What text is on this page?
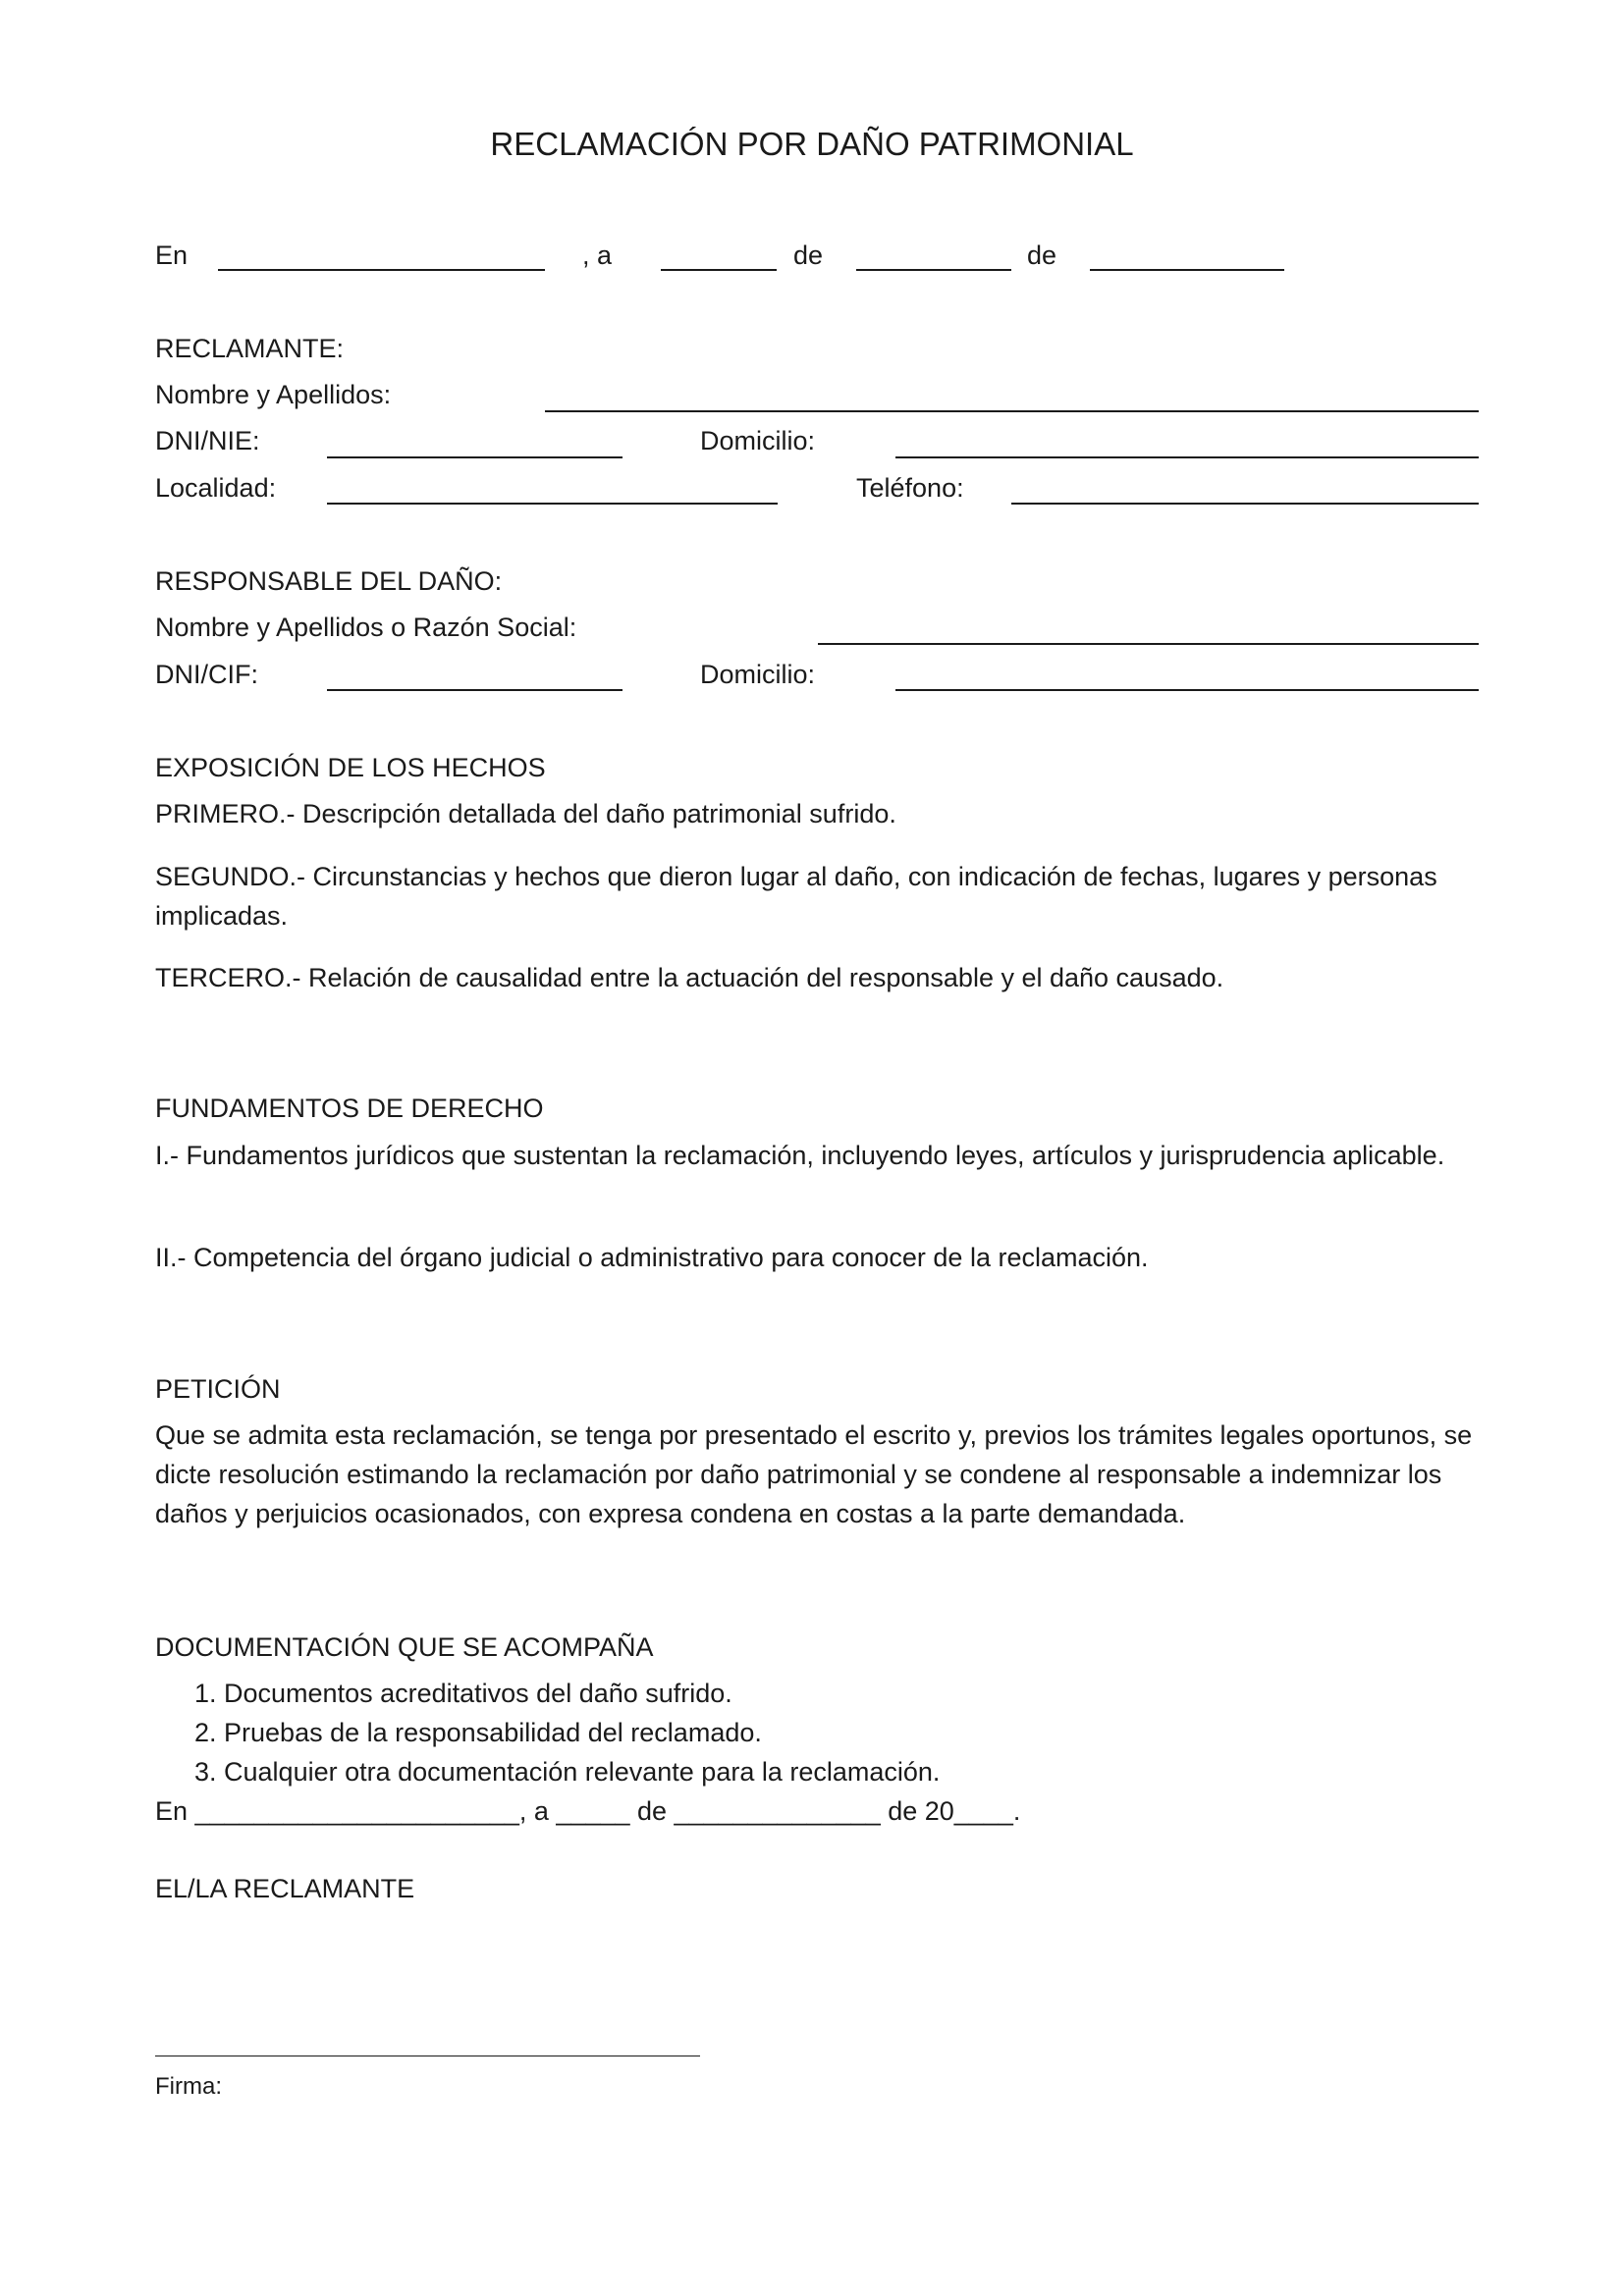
RECLAMACIÓN POR DAÑO PATRIMONIAL
En	, a	de	de
RECLAMANTE:
Nombre y Apellidos:
DNI/NIE:	Domicilio:
Localidad:	Teléfono:
RESPONSABLE DEL DAÑO:
Nombre y Apellidos o Razón Social:
DNI/CIF:	Domicilio:
EXPOSICIÓN DE LOS HECHOS
PRIMERO.- Descripción detallada del daño patrimonial sufrido.
SEGUNDO.- Circunstancias y hechos que dieron lugar al daño, con indicación de fechas, lugares y personas implicadas.
TERCERO.- Relación de causalidad entre la actuación del responsable y el daño causado.
FUNDAMENTOS DE DERECHO
I.- Fundamentos jurídicos que sustentan la reclamación, incluyendo leyes, artículos y jurisprudencia aplicable.
II.- Competencia del órgano judicial o administrativo para conocer de la reclamación.
PETICIÓN
Que se admita esta reclamación, se tenga por presentado el escrito y, previos los trámites legales oportunos, se dicte resolución estimando la reclamación por daño patrimonial y se condene al responsable a indemnizar los daños y perjuicios ocasionados, con expresa condena en costas a la parte demandada.
DOCUMENTACIÓN QUE SE ACOMPAÑA
1. Documentos acreditativos del daño sufrido.
2. Pruebas de la responsabilidad del reclamado.
3. Cualquier otra documentación relevante para la reclamación.
En ______________________, a _____ de ______________ de 20____.
EL/LA RECLAMANTE
Firma:
